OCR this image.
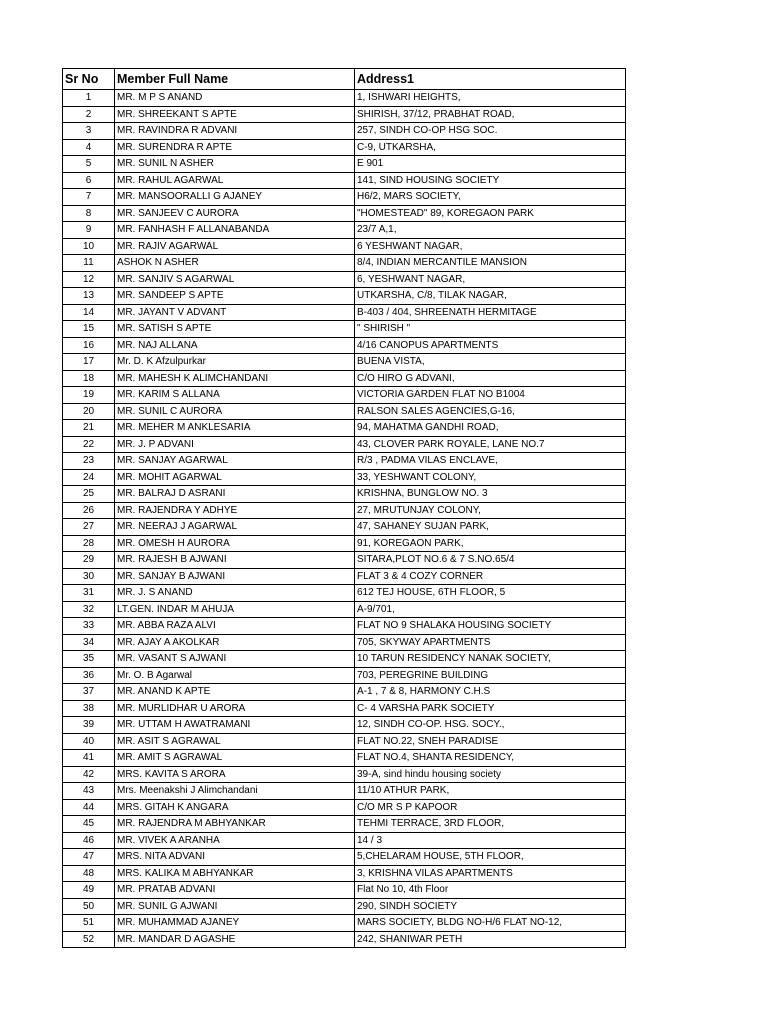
Sr No	Member Full Name	Address1
1	MR. M P S ANAND	1, ISHWARI HEIGHTS,
2	MR. SHREEKANT S APTE	SHIRISH, 37/12, PRABHAT ROAD,
3	MR. RAVINDRA R ADVANI	257, SINDH CO-OP HSG SOC.
4	MR. SURENDRA R APTE	C-9, UTKARSHA,
5	MR. SUNIL N ASHER	E 901
6	MR. RAHUL AGARWAL	141, SIND HOUSING SOCIETY
7	MR. MANSOORALLI G AJANEY	H6/2, MARS SOCIETY,
8	MR. SANJEEV C AURORA	"HOMESTEAD" 89, KOREGAON PARK
9	MR. FANHASH F ALLANABANDA	23/7 A,1,
10	MR. RAJIV AGARWAL	6 YESHWANT NAGAR,
11	ASHOK N ASHER	8/4, INDIAN MERCANTILE MANSION
12	MR. SANJIV S AGARWAL	6, YESHWANT NAGAR,
13	MR. SANDEEP S APTE	UTKARSHA, C/8, TILAK NAGAR,
14	MR. JAYANT V ADVANT	B-403 / 404, SHREENATH HERMITAGE
15	MR. SATISH S APTE	" SHIRISH "
16	MR. NAJ ALLANA	4/16 CANOPUS APARTMENTS
17	Mr. D. K Afzulpurkar	BUENA VISTA,
18	MR. MAHESH K ALIMCHANDANI	C/O HIRO G ADVANI,
19	MR. KARIM S ALLANA	VICTORIA GARDEN FLAT NO B1004
20	MR. SUNIL C AURORA	RALSON SALES AGENCIES,G-16,
21	MR. MEHER M ANKLESARIA	94, MAHATMA GANDHI ROAD,
22	MR. J. P ADVANI	43, CLOVER PARK ROYALE, LANE NO.7
23	MR. SANJAY AGARWAL	R/3 , PADMA VILAS ENCLAVE,
24	MR. MOHIT AGARWAL	33, YESHWANT COLONY,
25	MR. BALRAJ D ASRANI	KRISHNA, BUNGLOW NO. 3
26	MR. RAJENDRA Y ADHYE	27, MRUTUNJAY COLONY,
27	MR. NEERAJ J AGARWAL	47, SAHANEY SUJAN PARK,
28	MR. OMESH H AURORA	91, KOREGAON PARK,
29	MR. RAJESH B AJWANI	SITARA,PLOT NO.6 & 7 S.NO.65/4
30	MR. SANJAY B AJWANI	FLAT 3 & 4 COZY CORNER
31	MR. J. S ANAND	612 TEJ HOUSE, 6TH FLOOR, 5
32	LT.GEN. INDAR M AHUJA	A-9/701,
33	MR. ABBA RAZA ALVI	FLAT NO 9 SHALAKA HOUSING SOCIETY
34	MR. AJAY A AKOLKAR	705, SKYWAY APARTMENTS
35	MR. VASANT S AJWANI	10 TARUN RESIDENCY NANAK SOCIETY,
36	Mr. O. B Agarwal	703, PEREGRINE BUILDING
37	MR. ANAND K APTE	A-1 , 7 & 8, HARMONY C.H.S
38	MR. MURLIDHAR U ARORA	C- 4 VARSHA PARK SOCIETY
39	MR. UTTAM H AWATRAMANI	12, SINDH CO-OP. HSG. SOCY.,
40	MR. ASIT S AGRAWAL	FLAT NO.22, SNEH PARADISE
41	MR. AMIT S AGRAWAL	FLAT NO.4, SHANTA RESIDENCY,
42	MRS. KAVITA S ARORA	39-A, sind hindu housing society
43	Mrs. Meenakshi J Alimchandani	11/10 ATHUR PARK,
44	MRS. GITAH K ANGARA	C/O MR S P KAPOOR
45	MR. RAJENDRA M ABHYANKAR	TEHMI TERRACE, 3RD FLOOR,
46	MR. VIVEK A ARANHA	14 / 3
47	MRS. NITA ADVANI	5,CHELARAM HOUSE, 5TH FLOOR,
48	MRS. KALIKA M ABHYANKAR	3, KRISHNA VILAS APARTMENTS
49	MR. PRATAB ADVANI	Flat No 10, 4th Floor
50	MR. SUNIL G AJWANI	290, SINDH SOCIETY
51	MR. MUHAMMAD AJANEY	MARS SOCIETY, BLDG NO-H/6 FLAT NO-12,
52	MR. MANDAR D AGASHE	242, SHANIWAR PETH
